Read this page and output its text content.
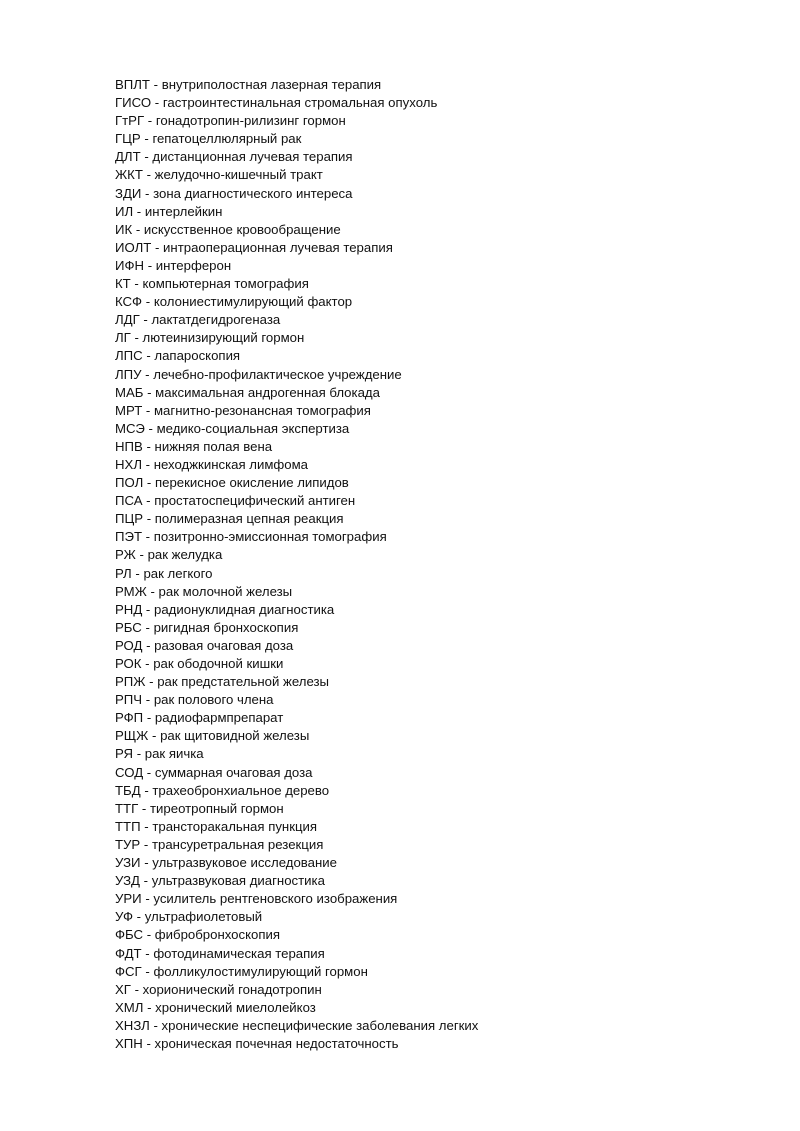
ВПЛТ - внутриполостная лазерная терапия
ГИСО - гастроинтестинальная стромальная опухоль
ГтРГ - гонадотропин-рилизинг гормон
ГЦР - гепатоцеллюлярный рак
ДЛТ - дистанционная лучевая терапия
ЖКТ - желудочно-кишечный тракт
ЗДИ - зона диагностического интереса
ИЛ - интерлейкин
ИК - искусственное кровообращение
ИОЛТ - интраоперационная лучевая терапия
ИФН - интерферон
КТ - компьютерная томография
КСФ - колониестимулирующий фактор
ЛДГ - лактатдегидрогеназа
ЛГ - лютеинизирующий гормон
ЛПС - лапароскопия
ЛПУ - лечебно-профилактическое учреждение
МАБ - максимальная андрогенная блокада
МРТ - магнитно-резонансная томография
МСЭ - медико-социальная экспертиза
НПВ - нижняя полая вена
НХЛ - неходжкинская лимфома
ПОЛ - перекисное окисление липидов
ПСА - простатоспецифический антиген
ПЦР - полимеразная цепная реакция
ПЭТ - позитронно-эмиссионная томография
РЖ - рак желудка
РЛ - рак легкого
РМЖ - рак молочной железы
РНД - радионуклидная диагностика
РБС - ригидная бронхоскопия
РОД - разовая очаговая доза
РОК - рак ободочной кишки
РПЖ - рак предстательной железы
РПЧ - рак полового члена
РФП - радиофармпрепарат
РЩЖ - рак щитовидной железы
РЯ - рак яичка
СОД - суммарная очаговая доза
ТБД - трахеобронхиальное дерево
ТТГ - тиреотропный гормон
ТТП - трансторакальная пункция
ТУР - трансуретральная резекция
УЗИ - ультразвуковое исследование
УЗД - ультразвуковая диагностика
УРИ - усилитель рентгеновского изображения
УФ - ультрафиолетовый
ФБС - фибробронхоскопия
ФДТ - фотодинамическая терапия
ФСГ - фолликулостимулирующий гормон
ХГ - хорионический гонадотропин
ХМЛ - хронический миелолейкоз
ХНЗЛ - хронические неспецифические заболевания легких
ХПН - хроническая почечная недостаточность
